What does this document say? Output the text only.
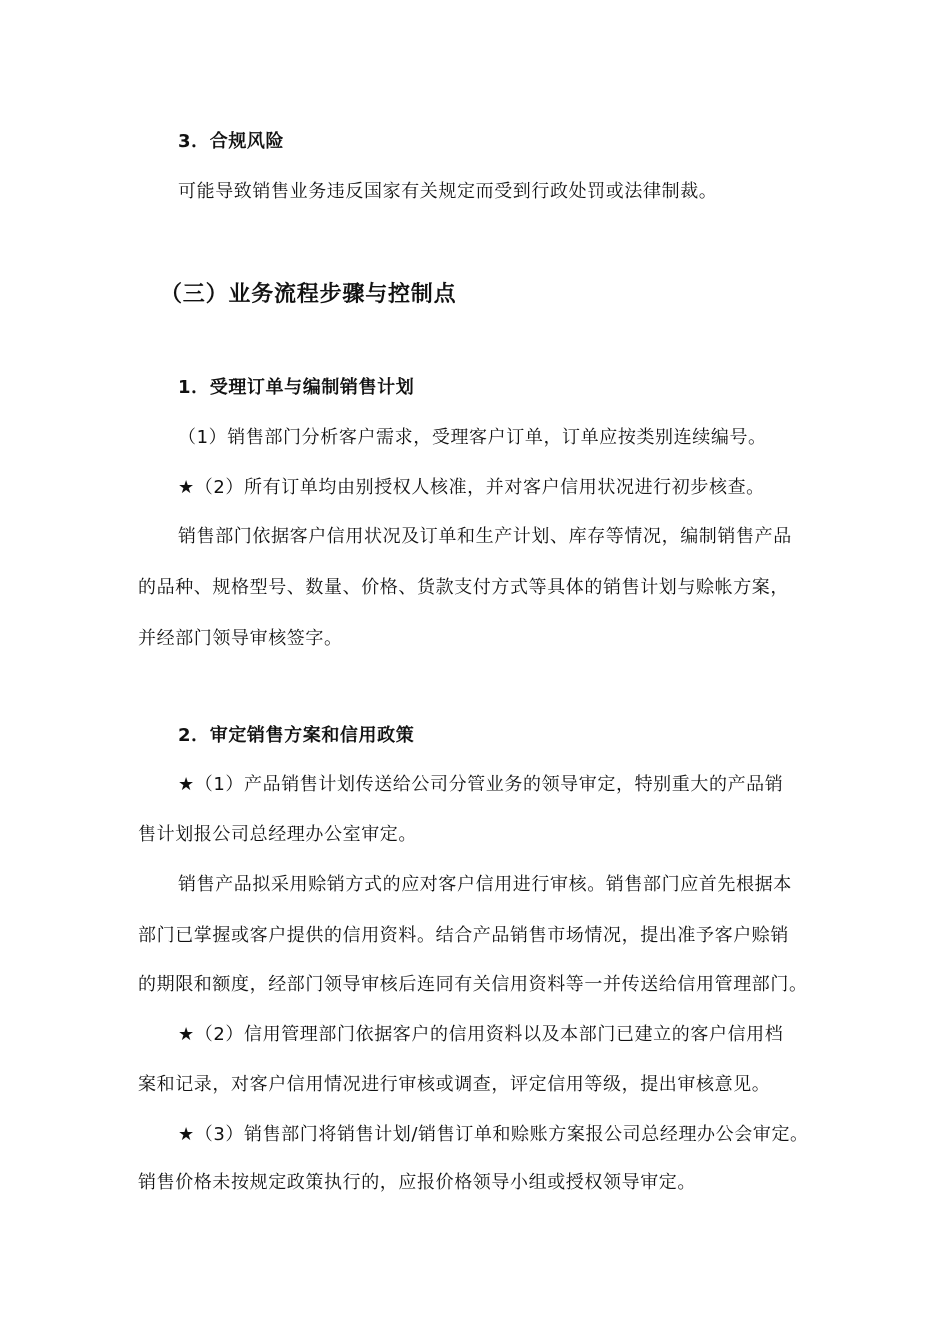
3．合规风险
可能导致销售业务违反国家有关规定而受到行政处罚或法律制裁。
（三）业务流程步骤与控制点
1．受理订单与编制销售计划
（1）销售部门分析客户需求，受理客户订单，订单应按类别连续编号。
★（2）所有订单均由别授权人核准，并对客户信用状况进行初步核查。
销售部门依据客户信用状况及订单和生产计划、库存等情况，编制销售产品
的品种、规格型号、数量、价格、货款支付方式等具体的销售计划与赊帐方案，
并经部门领导审核签字。
2．审定销售方案和信用政策
★（1）产品销售计划传送给公司分管业务的领导审定，特别重大的产品销
售计划报公司总经理办公室审定。
销售产品拟采用赊销方式的应对客户信用进行审核。销售部门应首先根据本
部门已掌握或客户提供的信用资料。结合产品销售市场情况，提出准予客户赊销
的期限和额度，经部门领导审核后连同有关信用资料等一并传送给信用管理部门。
★（2）信用管理部门依据客户的信用资料以及本部门已建立的客户信用档
案和记录，对客户信用情况进行审核或调查，评定信用等级，提出审核意见。
★（3）销售部门将销售计划/销售订单和赊账方案报公司总经理办公会审定。
销售价格未按规定政策执行的，应报价格领导小组或授权领导审定。
